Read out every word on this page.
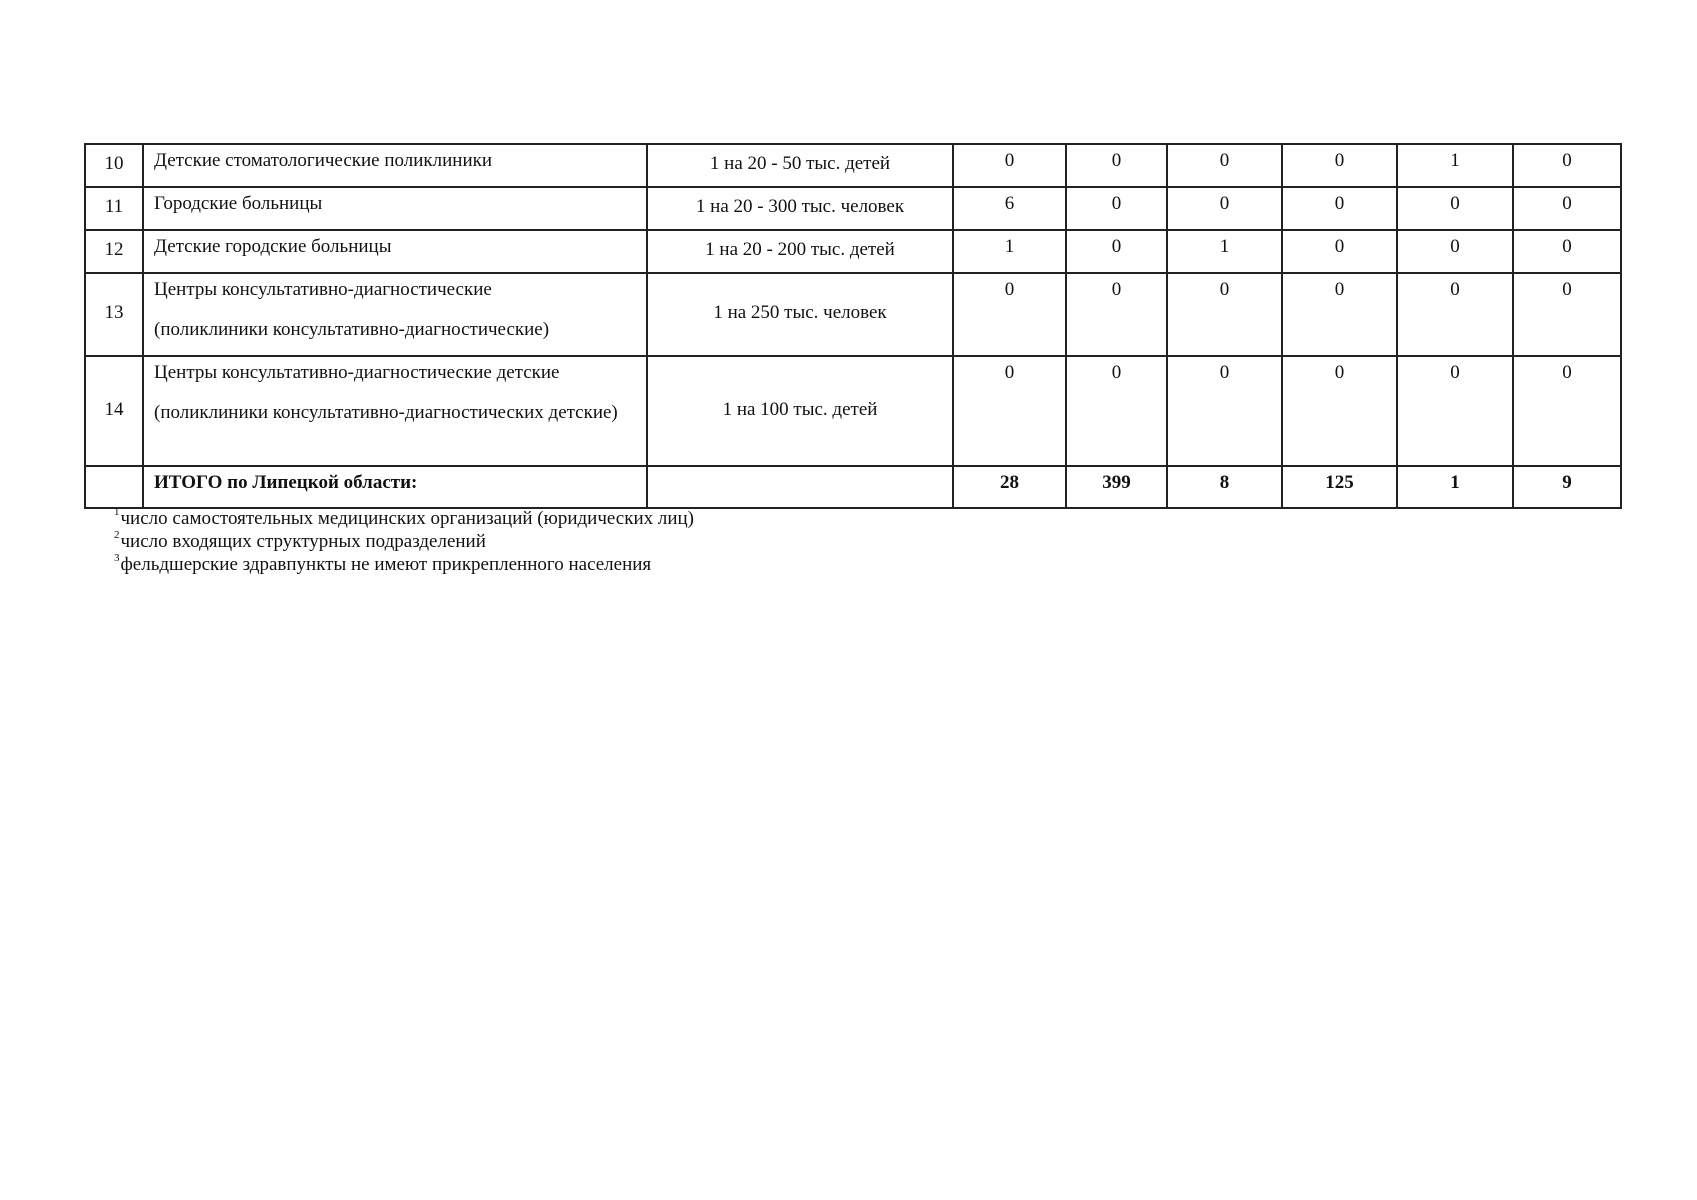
10	Детские стоматологические поликлиники	1 на 20 - 50 тыс. детей	0	0	0	0	1	0
11	Городские больницы	1 на 20 - 300 тыс. человек	6	0	0	0	0	0
12	Детские городские больницы	1 на 20 - 200 тыс. детей	1	0	1	0	0	0
13	Центры консультативно-диагностические

(поликлиники консультативно-диагностические)	1 на 250 тыс. человек	0	0	0	0	0	0
14	Центры консультативно-диагностические детские

(поликлиники консультативно-диагностических детские)	1 на 100 тыс. детей	0	0	0	0	0	0

	ИТОГО по Липецкой области:		28	399	8	125	1	9
$^1$число самостоятельных медицинских организаций (юридических лиц)
$^2$число входящих структурных подразделений
$^3$фельдшерские здравпункты не имеют прикрепленного населения
